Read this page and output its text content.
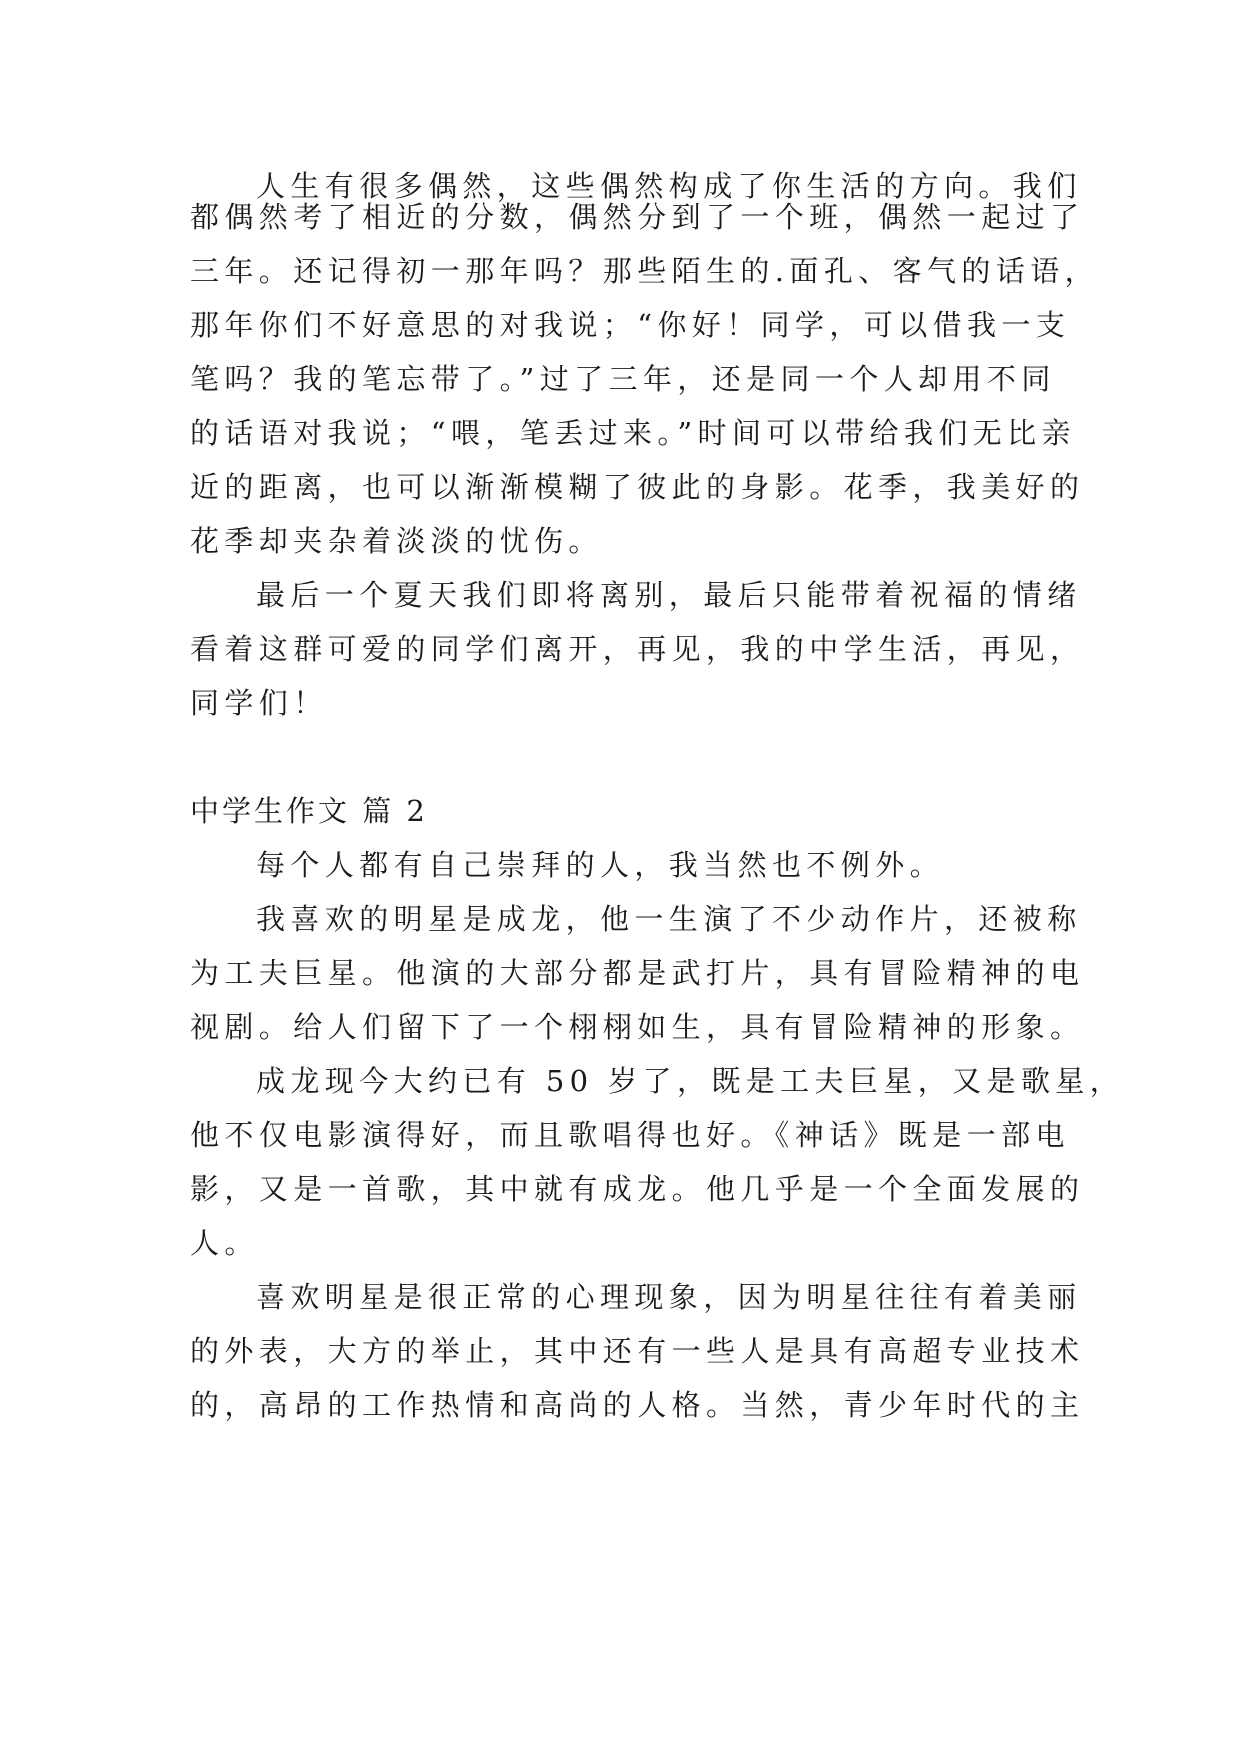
人生有很多偶然，这些偶然构成了你生活的方向。我们
都偶然考了相近的分数，偶然分到了一个班，偶然一起过了
三年。还记得初一那年吗？那些陌生的.面孔、客气的话语，
那年你们不好意思的对我说；“你好！同学，可以借我一支
笔吗？我的笔忘带了。”过了三年，还是同一个人却用不同
的话语对我说；“喂，笔丢过来。”时间可以带给我们无比亲
近的距离，也可以渐渐模糊了彼此的身影。花季，我美好的
花季却夹杂着淡淡的忧伤。
最后一个夏天我们即将离别，最后只能带着祝福的情绪
看着这群可爱的同学们离开，再见，我的中学生活，再见，
同学们！
中学生作文 篇 2
每个人都有自己崇拜的人，我当然也不例外。
我喜欢的明星是成龙，他一生演了不少动作片，还被称
为工夫巨星。他演的大部分都是武打片，具有冒险精神的电
视剧。给人们留下了一个栩栩如生，具有冒险精神的形象。
成龙现今大约已有 50 岁了，既是工夫巨星，又是歌星，
他不仅电影演得好，而且歌唱得也好。《神话》既是一部电
影，又是一首歌，其中就有成龙。他几乎是一个全面发展的
人。
喜欢明星是很正常的心理现象，因为明星往往有着美丽
的外表，大方的举止，其中还有一些人是具有高超专业技术
的，高昂的工作热情和高尚的人格。当然，青少年时代的主
